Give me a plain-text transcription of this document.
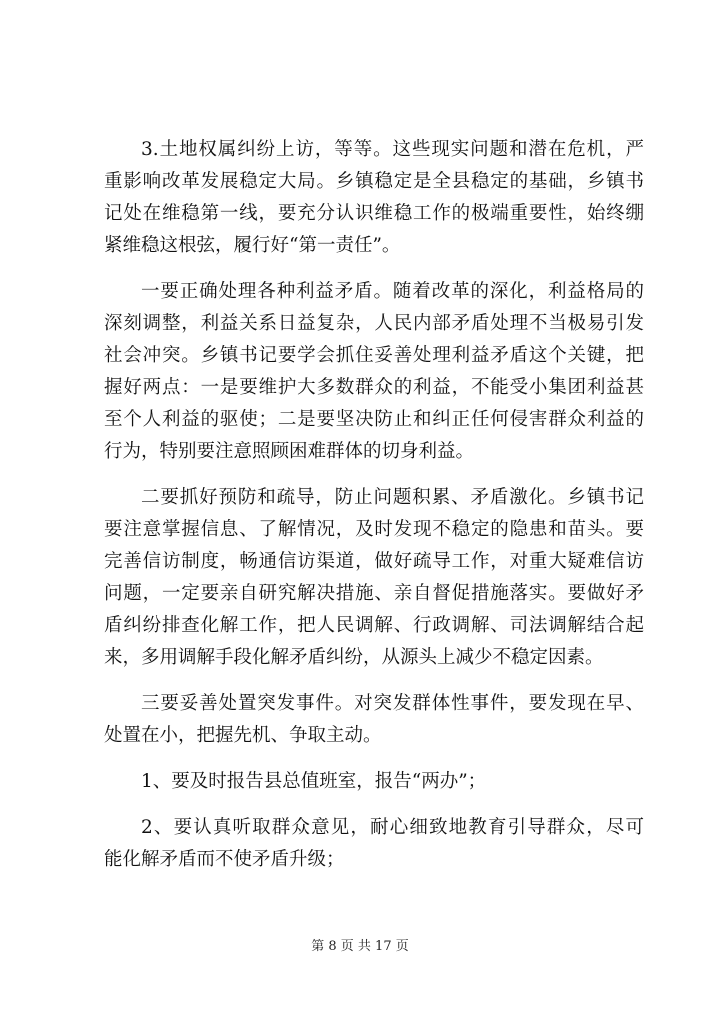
3.土地权属纠纷上访，等等。这些现实问题和潜在危机，严
重影响改革发展稳定大局。乡镇稳定是全县稳定的基础，乡镇书
记处在维稳第一线，要充分认识维稳工作的极端重要性，始终绷
紧维稳这根弦，履行好“第一责任”。
一要正确处理各种利益矛盾。随着改革的深化，利益格局的
深刻调整，利益关系日益复杂，人民内部矛盾处理不当极易引发
社会冲突。乡镇书记要学会抓住妥善处理利益矛盾这个关键，把
握好两点：一是要维护大多数群众的利益，不能受小集团利益甚
至个人利益的驱使；二是要坚决防止和纠正任何侵害群众利益的
行为，特别要注意照顾困难群体的切身利益。
二要抓好预防和疏导，防止问题积累、矛盾激化。乡镇书记
要注意掌握信息、了解情况，及时发现不稳定的隐患和苗头。要
完善信访制度，畅通信访渠道，做好疏导工作，对重大疑难信访
问题，一定要亲自研究解决措施、亲自督促措施落实。要做好矛
盾纠纷排查化解工作，把人民调解、行政调解、司法调解结合起
来，多用调解手段化解矛盾纠纷，从源头上减少不稳定因素。
三要妥善处置突发事件。对突发群体性事件，要发现在早、
处置在小，把握先机、争取主动。
1、要及时报告县总值班室，报告“两办”；
2、要认真听取群众意见，耐心细致地教育引导群众，尽可
能化解矛盾而不使矛盾升级；
第 8 页 共 17 页
